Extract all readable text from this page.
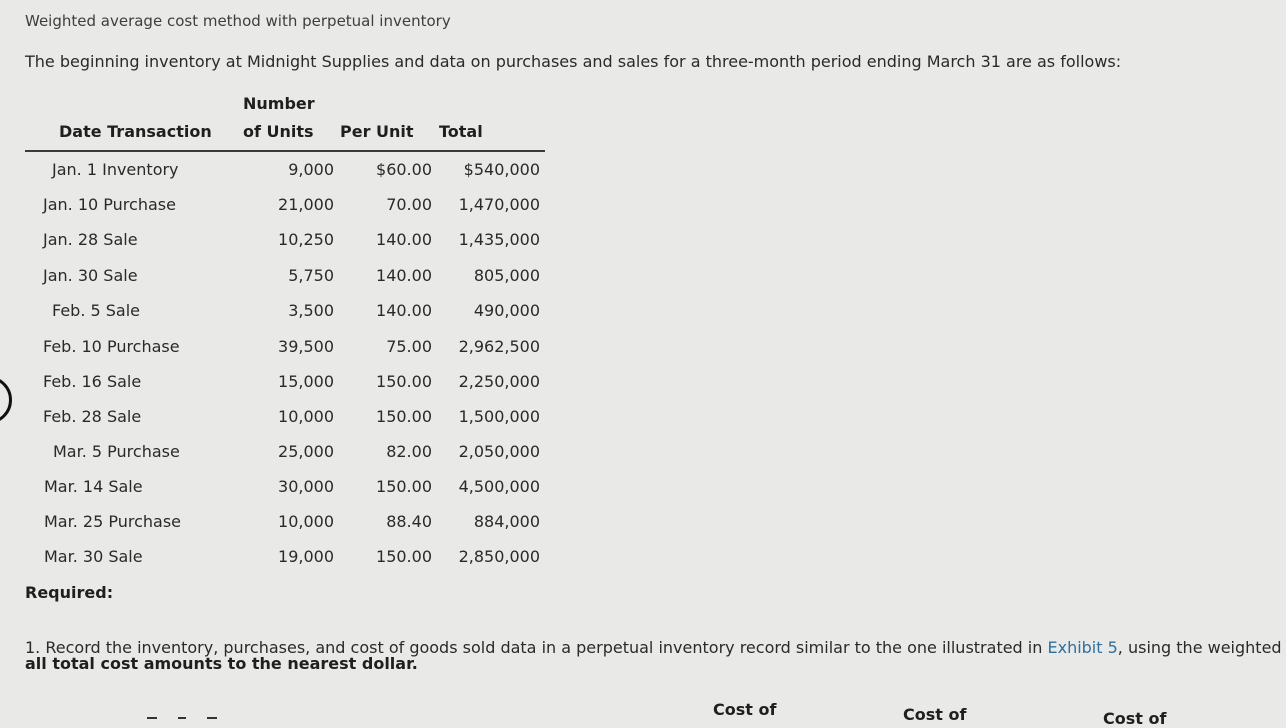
Weighted average cost method with perpetual inventory
The beginning inventory at Midnight Supplies and data on purchases and sales for a three-month period ending March 31 are as follows:
Date Transaction
Number
of Units Per Unit Total
Jan. 1 Inventory	9,000	$60.00 $540,000
Jan. 10 Purchase	21,000	70.00 1,470,000
Jan. 28 Sale	10,250	140.00 1,435,000
Jan. 30 Sale	5,750	140.00	805,000
Feb. 5 Sale	3,500	140.00	490,000
Feb. 10 Purchase	39,500	75.00 2,962,500
Feb. 16 Sale	15,000	150.00 2,250,000
Feb. 28 Sale	10,000	150.00 1,500,000
Mar. 5 Purchase	25,000	82.00 2,050,000
Mar. 14 Sale	30,000	150.00 4,500,000
Mar. 25 Purchase	10,000	88.40	884,000
Mar. 30 Sale	19,000	150.00 2,850,000
Required:
1. Record the inventory, purchases, and cost of goods sold data in a perpetual inventory record similar to the one illustrated in Exhibit 5, using the weighted
all total cost amounts to the nearest dollar.
Cost of	Cost of	Cost of
